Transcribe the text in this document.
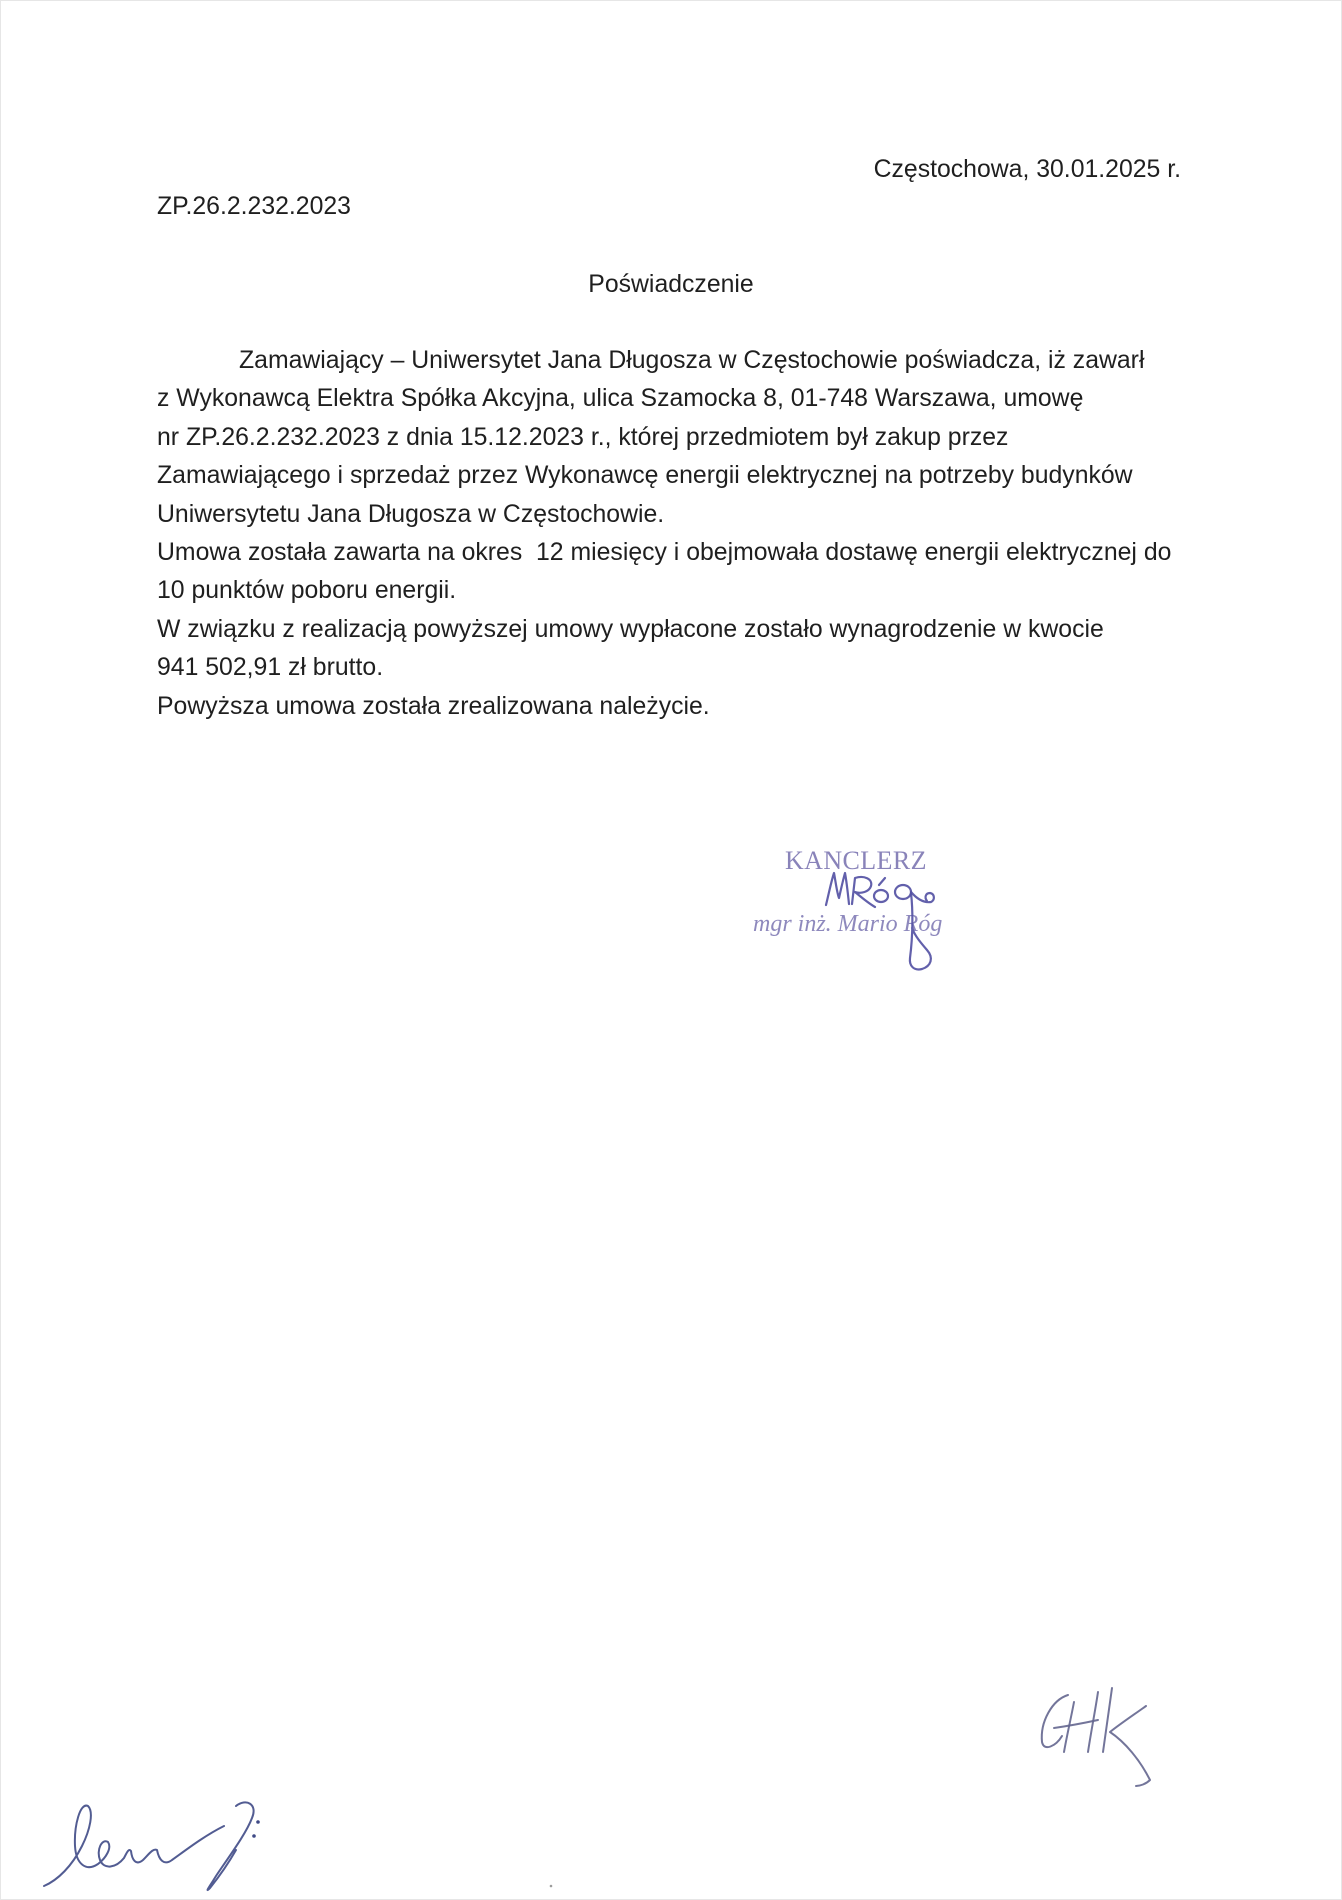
Częstochowa, 30.01.2025 r.
ZP.26.2.232.2023
Poświadczenie
Zamawiający – Uniwersytet Jana Długosza w Częstochowie poświadcza, iż zawarł
z Wykonawcą Elektra Spółka Akcyjna, ulica Szamocka 8, 01-748 Warszawa, umowę
nr ZP.26.2.232.2023 z dnia 15.12.2023 r., której przedmiotem był zakup przez
Zamawiającego i sprzedaż przez Wykonawcę energii elektrycznej na potrzeby budynków
Uniwersytetu Jana Długosza w Częstochowie.
Umowa została zawarta na okres  12 miesięcy i obejmowała dostawę energii elektrycznej do
10 punktów poboru energii.
W związku z realizacją powyższej umowy wypłacone zostało wynagrodzenie w kwocie
941 502,91 zł brutto.
Powyższa umowa została zrealizowana należycie.
KANCLERZ
mgr inż. Mario Róg
